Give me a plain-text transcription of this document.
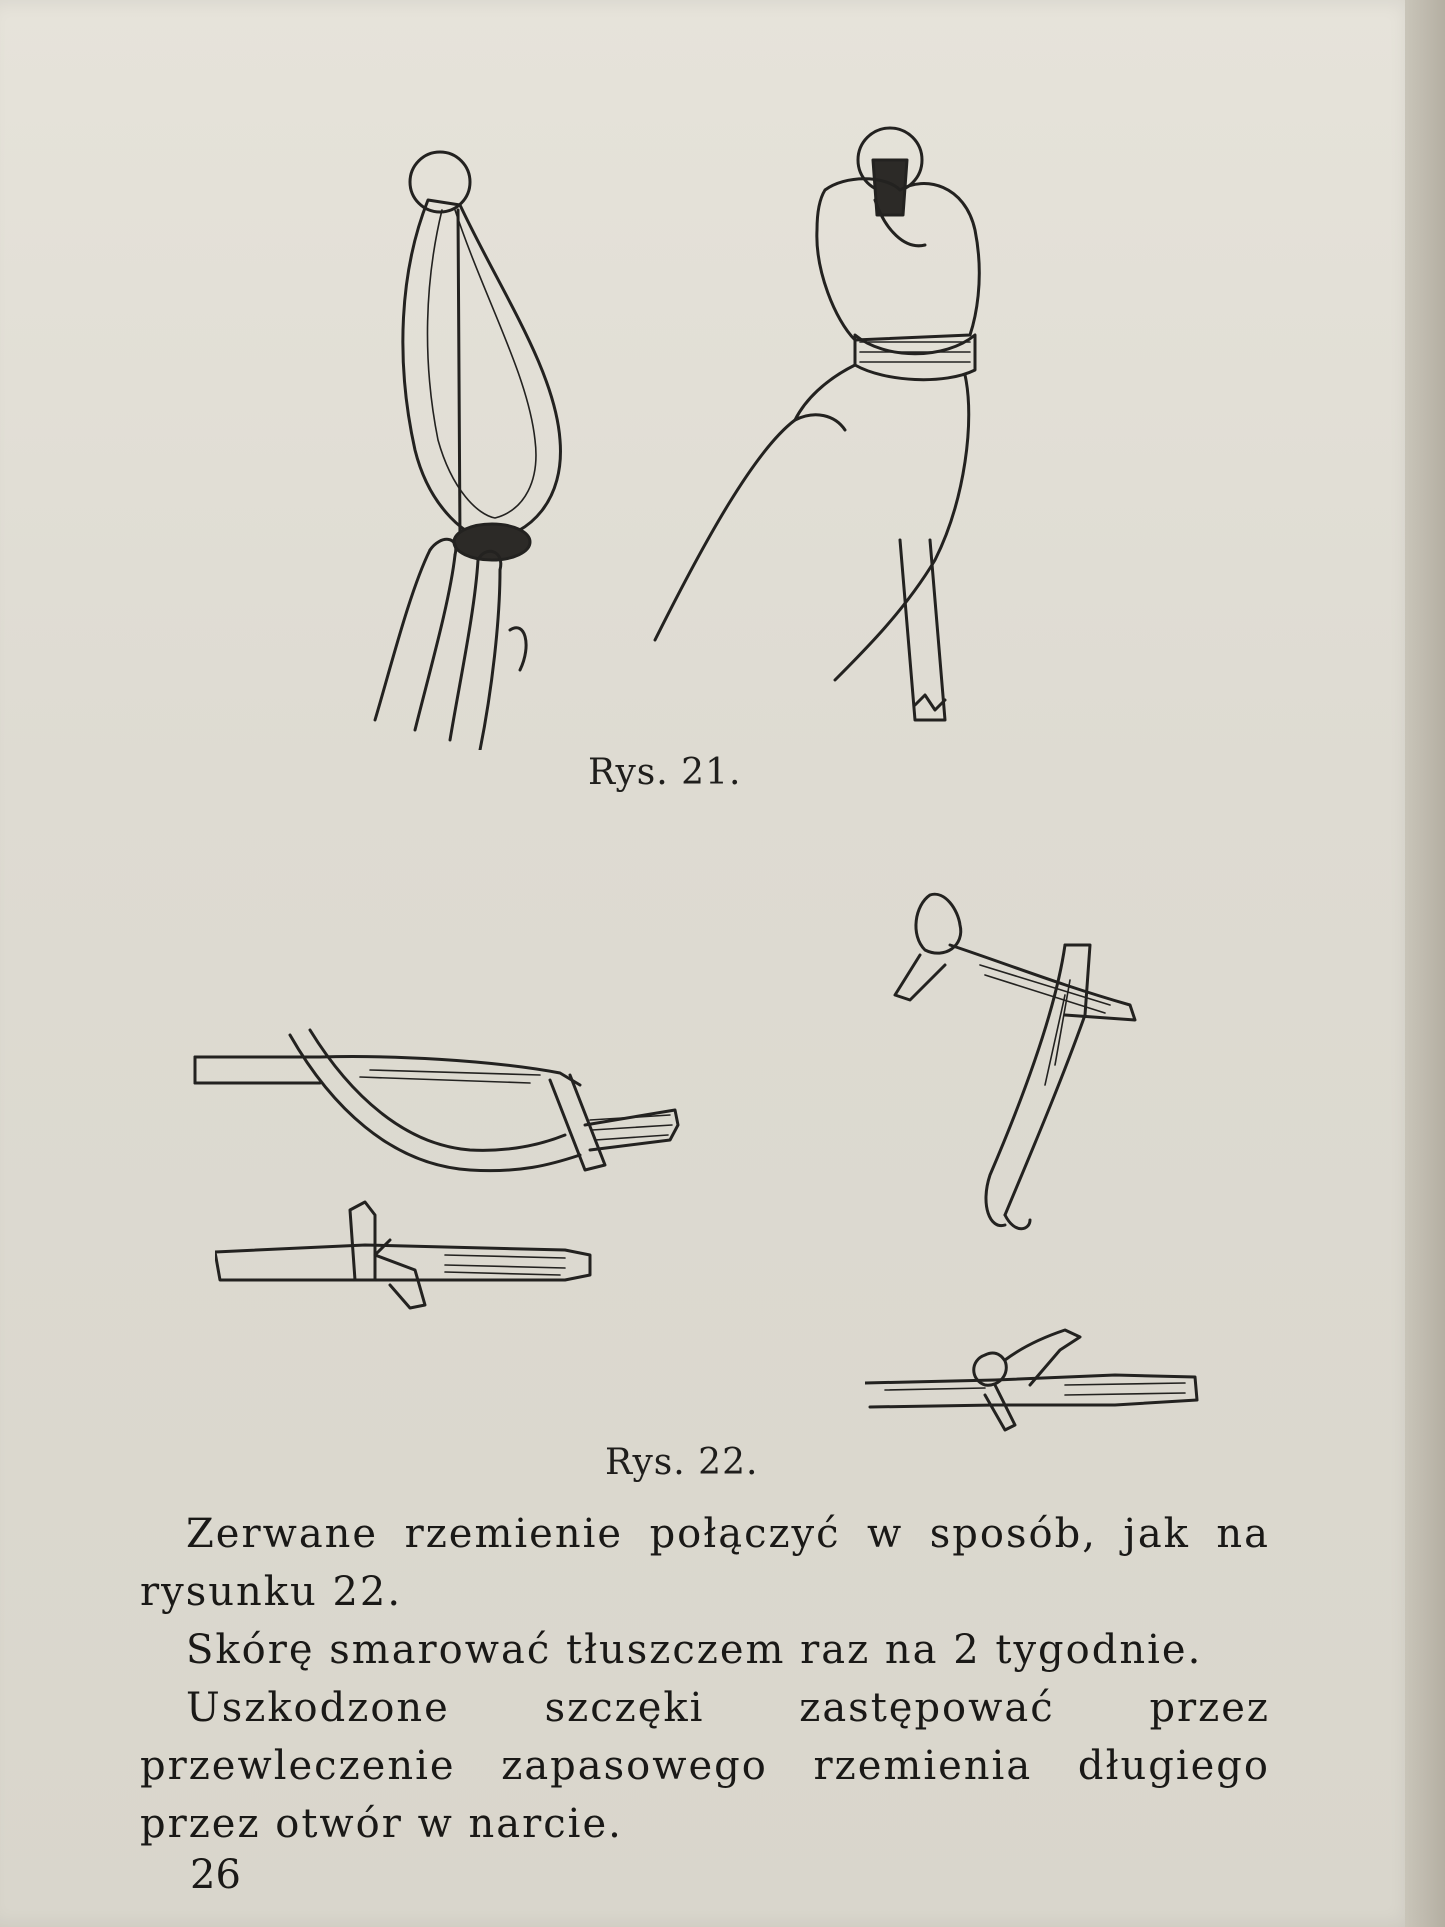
Rys. 21.
Rys. 22.

Zerwane rzemienie połączyć w sposób, jak na rysunku 22.

Skórę smarować tłuszczem raz na 2 tygodnie.

Uszkodzone szczęki zastępować przez przewleczenie zapasowego rzemienia długiego przez otwór w narcie.

26
